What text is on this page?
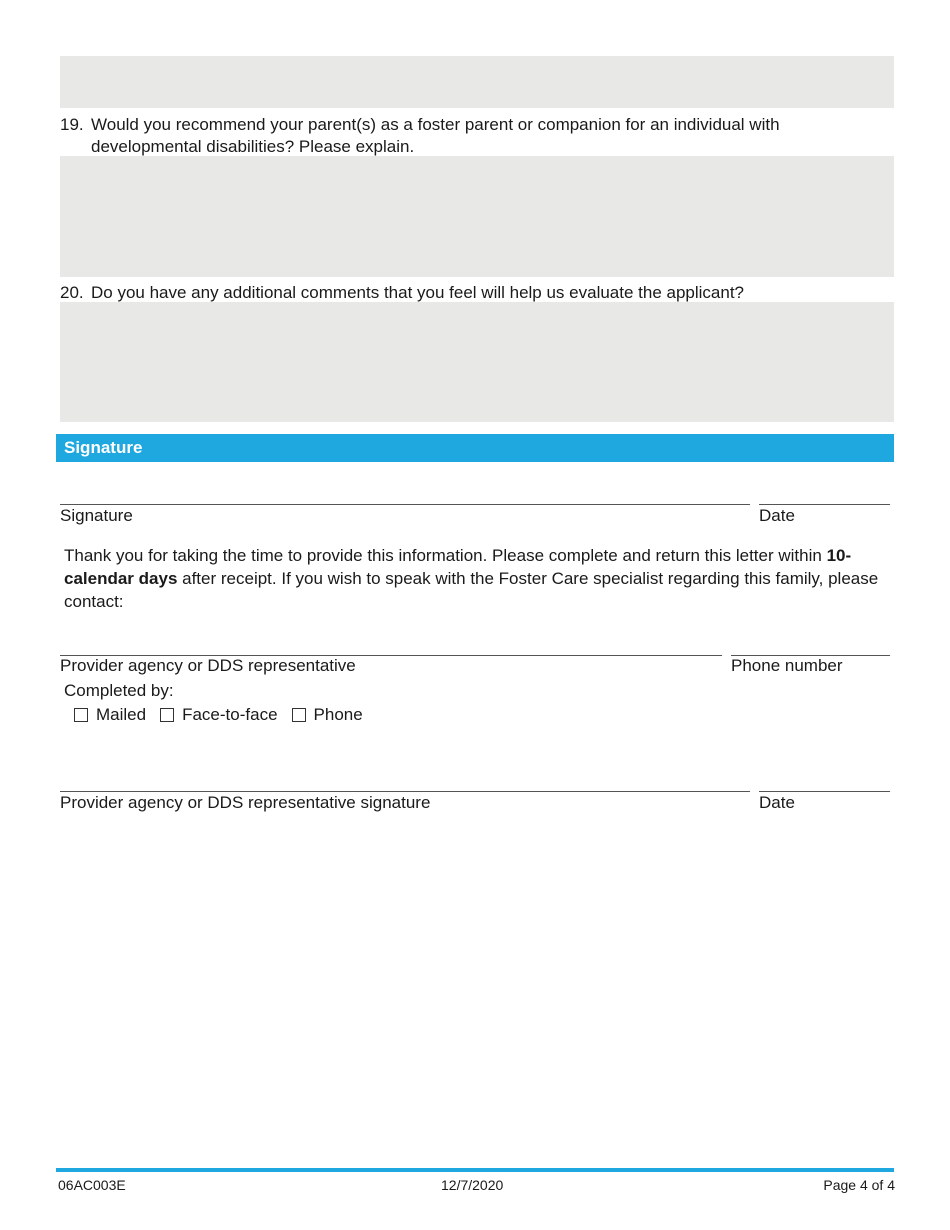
19. Would you recommend your parent(s) as a foster parent or companion for an individual with developmental disabilities? Please explain.
20. Do you have any additional comments that you feel will help us evaluate the applicant?
Signature
Signature	Date
Thank you for taking the time to provide this information. Please complete and return this letter within 10-calendar days after receipt. If you wish to speak with the Foster Care specialist regarding this family, please contact:
Provider agency or DDS representative	Phone number
Completed by:
Mailed Face-to-face Phone
Provider agency or DDS representative signature	Date
06AC003E	12/7/2020	Page 4 of 4
